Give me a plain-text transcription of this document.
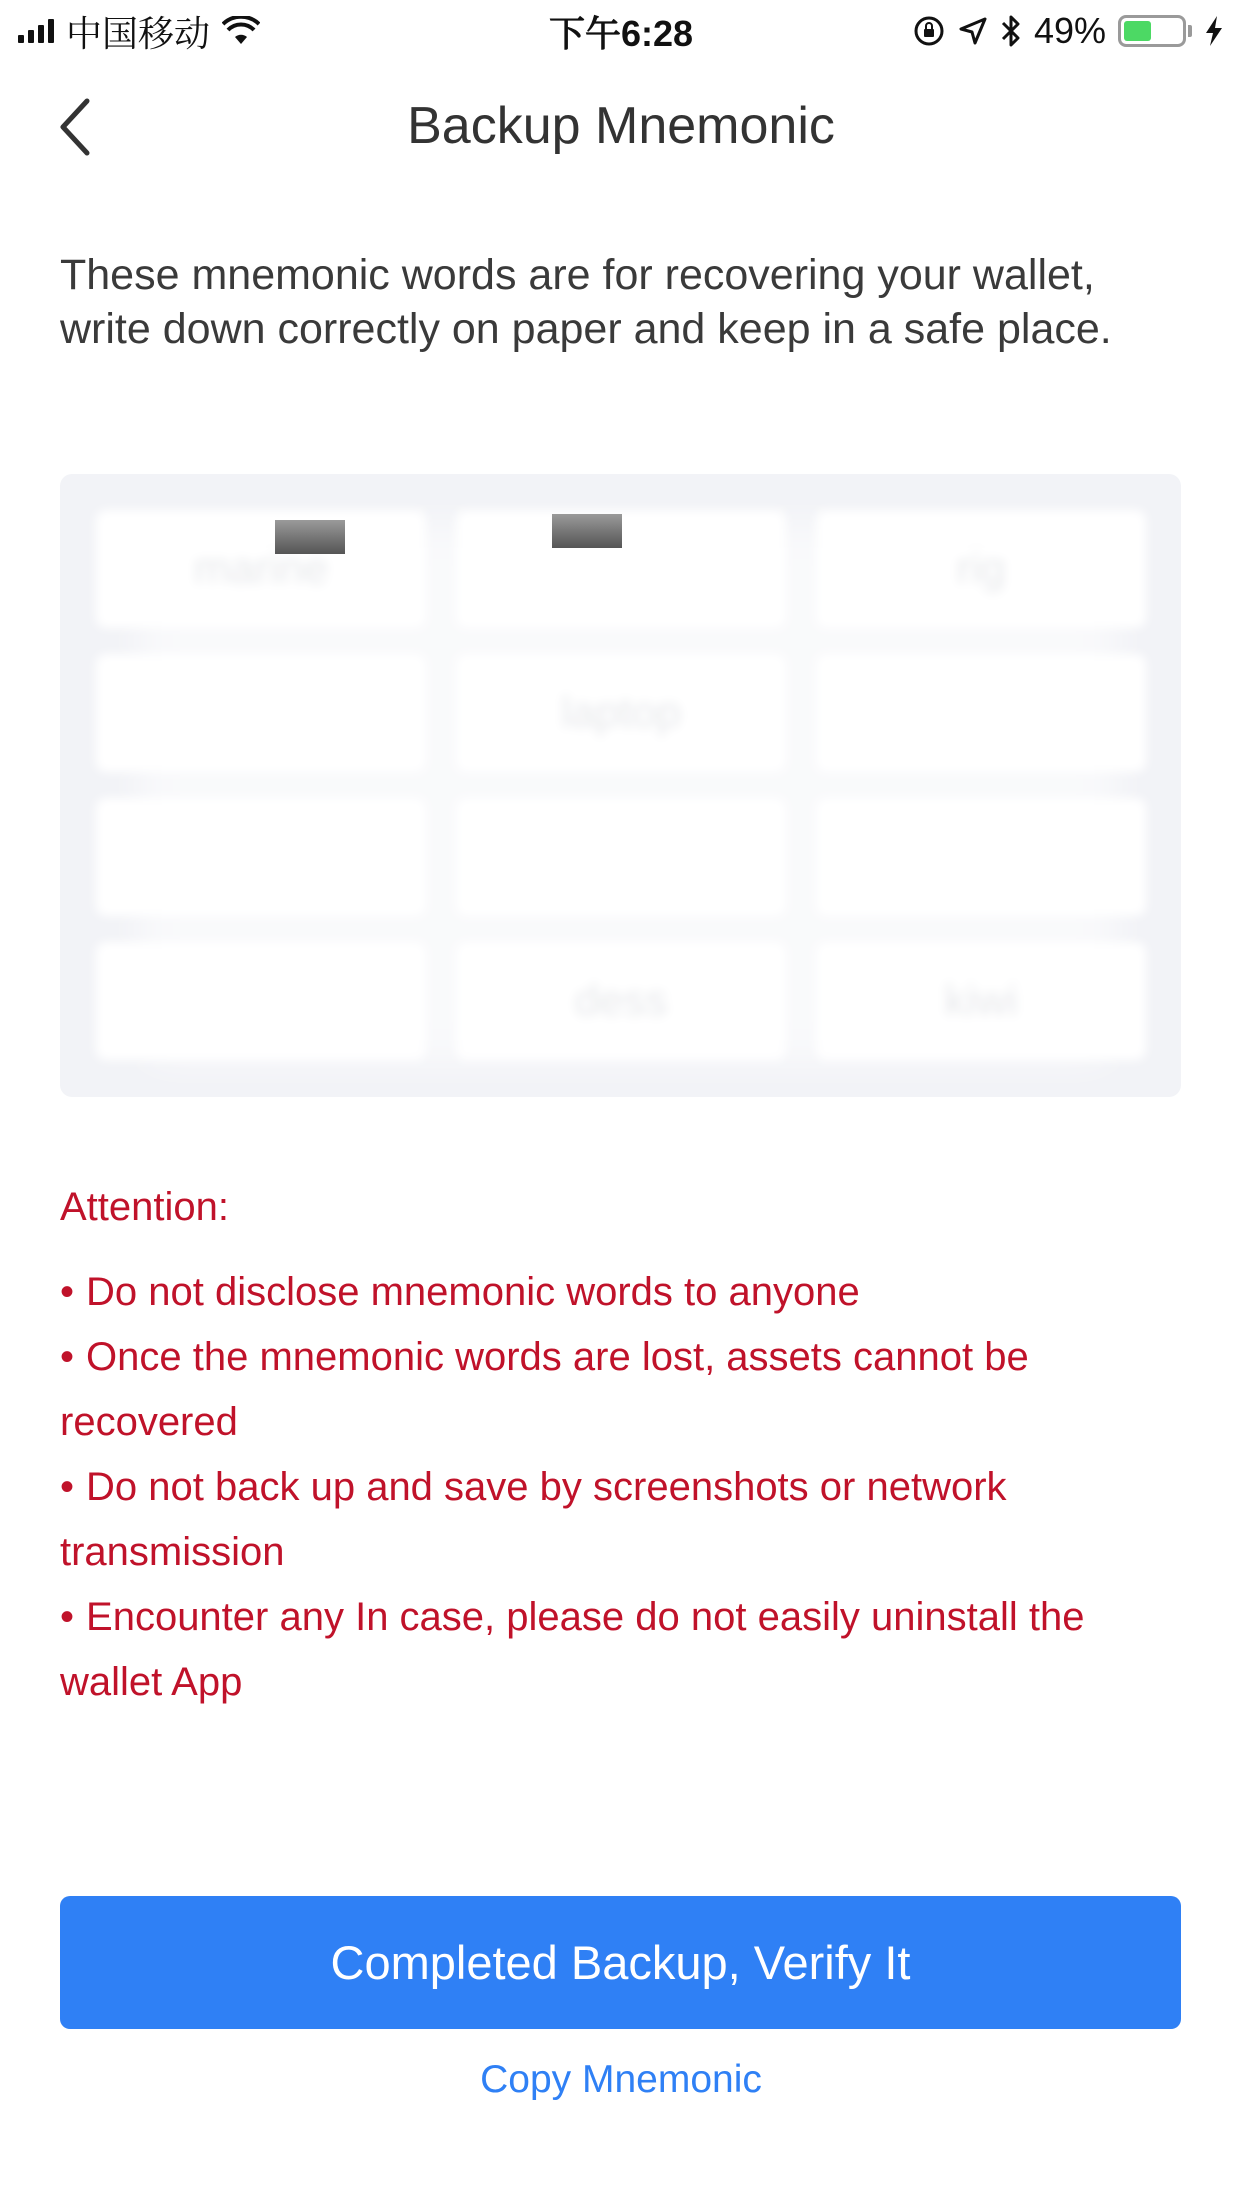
中国移动	下午6:28	49%
Backup Mnemonic

These mnemonic words are for recovering your wallet, write down correctly on paper and keep in a safe place.

Attention:
• Do not disclose mnemonic words to anyone
• Once the mnemonic words are lost, assets cannot be recovered
• Do not back up and save by screenshots or network transmission
• Encounter any In case, please do not easily uninstall the wallet App
Completed Backup, Verify It
Copy Mnemonic
